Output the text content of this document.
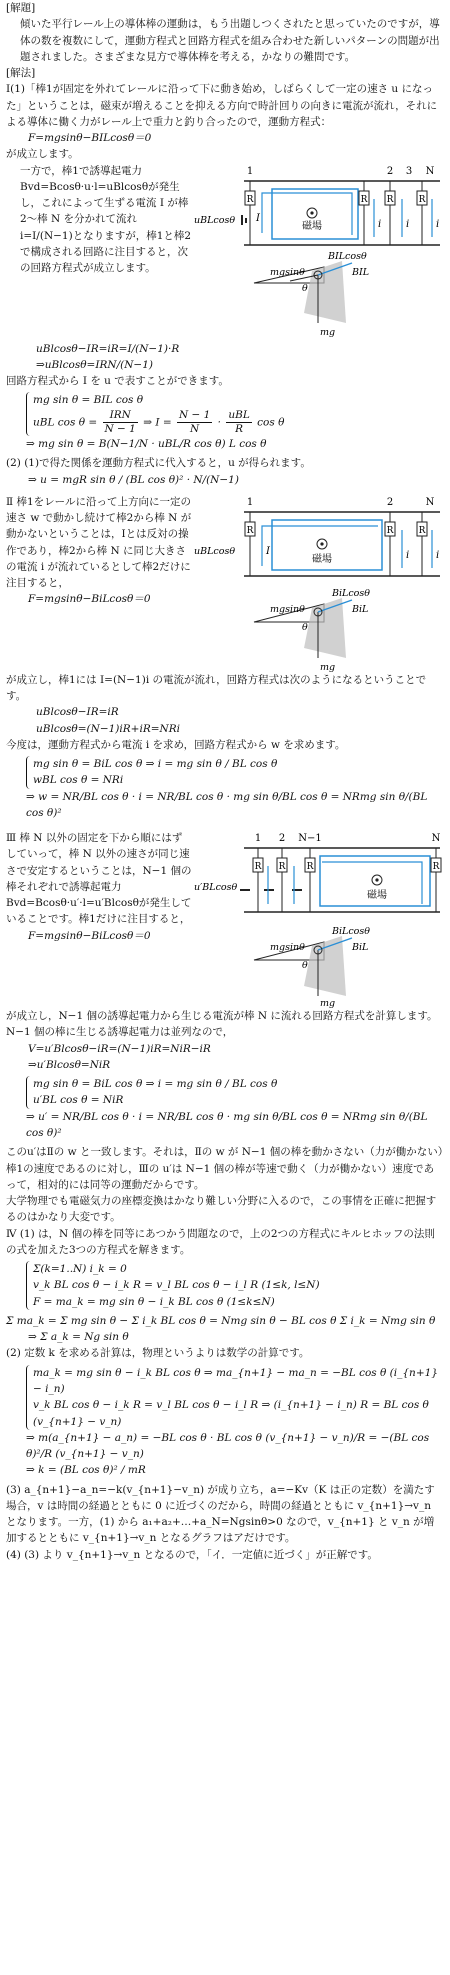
[解題]

傾いた平行レール上の導体棒の運動は，もう出題しつくされたと思っていたのですが，導体の数を複数にして，運動方程式と回路方程式を組み合わせた新しいパターンの問題が出題されました。さまざまな見方で導体棒を考える，かなりの難問です。

[解法]

Ⅰ(1)「棒1が固定を外れてレールに沿って下に動き始め，しばらくして一定の速さ u になった」ということは，磁束が増えることを抑える方向で時計回りの向きに電流が流れ，それによる導体に働く力がレール上で重力と釣り合ったので，運動方程式：

F=mgsinθ−BILcosθ＝0

が成立します。

一方で，棒1で誘導起電力Bvd=Bcosθ·u·l=uBlcosθが発生し，これによって生ずる電流 I が棒2〜棒 N を分かれて流れ i=I/(N−1)となりますが，棒1と棒2で構成される回路に注目すると，次の回路方程式が成立します。

1	2 3 N
R	R R	R
I
i i	i
uBLcosθ
磁場
BILcosθ
mgsinθ	BIL
θ
mg

uBlcosθ−IR=iR=I/(N−1)·R

⇒uBlcosθ=IRN/(N−1)

回路方程式から I を u で表すことができます。

mg sin θ = BIL cos θ
uBL $\cos \theta = \frac{\text{IRN}}{N - 1}$ ⇒ $I = \frac{N - 1}{N} \cdot \frac{\text{uBL}}{R}$ cos θ
⇒ mg sin θ = B(N−1/N · uBL/R cos θ) L cos θ

(2) (1)で得た関係を運動方程式に代入すると，u が得られます。

⇒ u = mgR sin θ / (BL cos θ)² · N/(N−1)

Ⅱ 棒1をレールに沿って上方向に一定の速さ w で動かし続けて棒2から棒 N が動かないということは，Ⅰとは反対の操作であり，棒2から棒 N に同じ大きさの電流 i が流れているとして棒2だけに注目すると，

F=mgsinθ−BiLcosθ＝0

1	2	N
R	R	R
I	i	i
uBLcosθ
磁場
BiLcosθ
mgsinθ	BiL
θ
mg

が成立し，棒1には I=(N−1)i の電流が流れ，回路方程式は次のようになるということです。

uBlcosθ−IR=iR

uBlcosθ=(N−1)iR+iR=NRi

今度は，運動方程式から電流 i を求め，回路方程式から w を求めます。

mg sin θ = BiL cos θ ⇒ i = mg sin θ / BL cos θ
wBL cos θ = NRi
⇒ w = NR/BL cos θ · i = NR/BL cos θ · mg sin θ/BL cos θ = NRmg sin θ/(BL cos θ)²

Ⅲ 棒 N 以外の固定を下から順にはずしていって，棒 N 以外の速さが同じ速さで安定するということは，N−1 個の棒それぞれで誘導起電力Bvd=Bcosθ·u′·l=u′Blcosθが発生していることです。棒1だけに注目すると，

F=mgsinθ−BiLcosθ＝0

1 2 N−1	N
R R R	R
u′BLcosθ
磁場
BiLcosθ
mgsinθ	BiL
θ
mg

が成立し，N−1 個の誘導起電力から生じる電流が棒 N に流れる回路方程式を計算します。N−1 個の棒に生じる誘導起電力は並列なので，

V=u′Blcosθ−iR=(N−1)iR=NiR−iR

⇒u′Blcosθ=NiR

mg sin θ = BiL cos θ ⇒ i = mg sin θ / BL cos θ
u′BL cos θ = NiR
⇒ u′ = NR/BL cos θ · i = NR/BL cos θ · mg sin θ/BL cos θ = NRmg sin θ/(BL cos θ)²

このu′はⅡの w と一致します。それは，Ⅱの w が N−1 個の棒を動かさない（力が働かない）棒1の速度であるのに対し，Ⅲの u′は N−1 個の棒が等速で動く（力が働かない）速度であって，相対的には同等の運動だからです。

大学物理でも電磁気力の座標変換はかなり難しい分野に入るので，この事情を正確に把握するのはかなり大変です。

Ⅳ (1) は，N 個の棒を同等にあつかう問題なので，上の2つの方程式にキルヒホッフの法則の式を加えた3つの方程式を解きます。

Σ(k=1..N) i_k = 0
v_k BL cos θ − i_k R = v_l BL cos θ − i_l R (1≤k, l≤N)
F = ma_k = mg sin θ − i_k BL cos θ (1≤k≤N)

Σ ma_k = Σ mg sin θ − Σ i_k BL cos θ = Nmg sin θ − BL cos θ Σ i_k = Nmg sin θ

⇒ Σ a_k = Ng sin θ

(2) 定数 k を求める計算は，物理というよりは数学の計算です。

ma_k = mg sin θ − i_k BL cos θ ⇒ ma_{n+1} − ma_n = −BL cos θ (i_{n+1} − i_n)
v_k BL cos θ − i_k R = v_l BL cos θ − i_l R ⇒ (i_{n+1} − i_n) R = BL cos θ (v_{n+1} − v_n)
⇒ m(a_{n+1} − a_n) = −BL cos θ · BL cos θ (v_{n+1} − v_n)/R = −(BL cos θ)²/R (v_{n+1} − v_n)
⇒ k = (BL cos θ)² / mR

(3) a_{n+1}−a_n=−k(v_{n+1}−v_n) が成り立ち，a=−Kv（K は正の定数）を満たす場合，v は時間の経過とともに 0 に近づくのだから，時間の経過とともに v_{n+1}→v_n となります。一方，(1) から a₁+a₂+…+a_N=Ngsinθ>0 なので，v_{n+1} と v_n が増加するとともに v_{n+1}→v_n となるグラフはアだけです。

(4) (3) より v_{n+1}→v_n となるので，「イ．一定値に近づく」が正解です。
